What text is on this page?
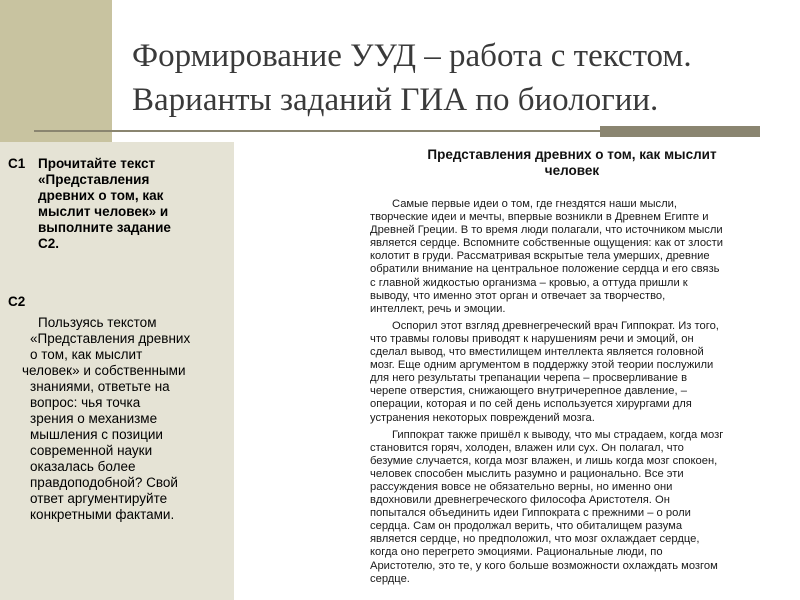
Формирование УУД – работа с текстом.
Варианты заданий ГИА по биологии.
С1 Прочитайте текст
«Представления
древних о том, как
мыслит человек» и
выполните задание
С2.
С2
Пользуясь текстом
«Представления древних
о том, как мыслит
человек» и собственными
знаниями, ответьте на
вопрос: чья точка
зрения о механизме
мышления с позиции
современной науки
оказалась более
правдоподобной? Свой
ответ аргументируйте
конкретными фактами.
Представления древних о том, как мыслит
человек

Самые первые идеи о том, где гнездятся наши мысли,
творческие идеи и мечты, впервые возникли в Древнем Египте и
Древней Греции. В то время люди полагали, что источником мысли
является сердце. Вспомните собственные ощущения: как от злости
колотит в груди. Рассматривая вскрытые тела умерших, древние
обратили внимание на центральное положение сердца и его связь
с главной жидкостью организма – кровью, а оттуда пришли к
выводу, что именно этот орган и отвечает за творчество,
интеллект, речь и эмоции.

Оспорил этот взгляд древнегреческий врач Гиппократ. Из того,
что травмы головы приводят к нарушениям речи и эмоций, он
сделал вывод, что вместилищем интеллекта является головной
мозг. Еще одним аргументом в поддержку этой теории послужили
для него результаты трепанации черепа – просверливание в
черепе отверстия, снижающего внутричерепное давление, –
операции, которая и по сей день используется хирургами для
устранения некоторых повреждений мозга.

Гиппократ также пришёл к выводу, что мы страдаем, когда мозг
становится горяч, холоден, влажен или сух. Он полагал, что
безумие случается, когда мозг влажен, и лишь когда мозг спокоен,
человек способен мыслить разумно и рационально. Все эти
рассуждения вовсе не обязательно верны, но именно они
вдохновили древнегреческого философа Аристотеля. Он
попытался объединить идеи Гиппократа с прежними – о роли
сердца. Сам он продолжал верить, что обиталищем разума
является сердце, но предположил, что мозг охлаждает сердце,
когда оно перегрето эмоциями. Рациональные люди, по
Аристотелю, это те, у кого больше возможности охлаждать мозгом
сердце.
